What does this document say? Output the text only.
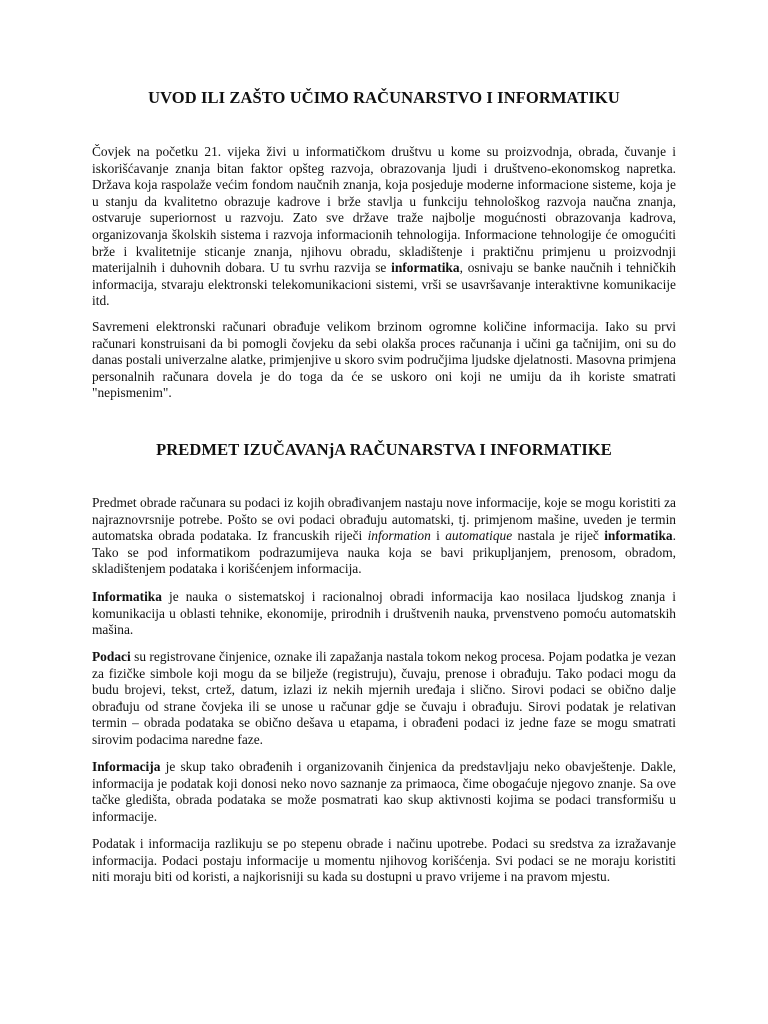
UVOD ILI ZAŠTO UČIMO RAČUNARSTVO I INFORMATIKU

Čovjek na početku 21. vijeka živi u informatičkom društvu u kome su proizvodnja, obrada, čuvanje i iskorišćavanje znanja bitan faktor opšteg razvoja, obrazovanja ljudi i društveno-ekonomskog napretka. Država koja raspolaže većim fondom naučnih znanja, koja posjeduje moderne informacione sisteme, koja je u stanju da kvalitetno obrazuje kadrove i brže stavlja u funkciju tehnološkog razvoja naučna znanja, ostvaruje superiornost u razvoju. Zato sve države traže najbolje mogućnosti obrazovanja kadrova, organizovanja školskih sistema i razvoja informacionih tehnologija. Informacione tehnologije će omogućiti brže i kvalitetnije sticanje znanja, njihovu obradu, skladištenje i praktičnu primjenu u proizvodnji materijalnih i duhovnih dobara. U tu svrhu razvija se informatika, osnivaju se banke naučnih i tehničkih informacija, stvaraju elektronski telekomunikacioni sistemi, vrši se usavršavanje interaktivne komunikacije itd.

Savremeni elektronski računari obrađuje velikom brzinom ogromne količine informacija. Iako su prvi računari konstruisani da bi pomogli čovjeku da sebi olakša proces računanja i učini ga tačnijim, oni su do danas postali univerzalne alatke, primjenjive u skoro svim područjima ljudske djelatnosti. Masovna primjena personalnih računara dovela je do toga da će se uskoro oni koji ne umiju da ih koriste smatrati "nepismenim".

PREDMET IZUČAVANjA RAČUNARSTVA I INFORMATIKE

Predmet obrade računara su podaci iz kojih obrađivanjem nastaju nove informacije, koje se mogu koristiti za najraznovrsnije potrebe. Pošto se ovi podaci obrađuju automatski, tj. primjenom mašine, uveden je termin automatska obrada podataka. Iz francuskih riječi information i automatique nastala je riječ informatika. Tako se pod informatikom podrazumijeva nauka koja se bavi prikupljanjem, prenosom, obradom, skladištenjem podataka i korišćenjem informacija.

Informatika je nauka o sistematskoj i racionalnoj obradi informacija kao nosilaca ljudskog znanja i komunikacija u oblasti tehnike, ekonomije, prirodnih i društvenih nauka, prvenstveno pomoću automatskih mašina.

Podaci su registrovane činjenice, oznake ili zapažanja nastala tokom nekog procesa. Pojam podatka je vezan za fizičke simbole koji mogu da se bilježe (registruju), čuvaju, prenose i obrađuju. Tako podaci mogu da budu brojevi, tekst, crtež, datum, izlazi iz nekih mjernih uređaja i slično. Sirovi podaci se obično dalje obrađuju od strane čovjeka ili se unose u računar gdje se čuvaju i obrađuju. Sirovi podatak je relativan termin – obrada podataka se obično dešava u etapama, i obrađeni podaci iz jedne faze se mogu smatrati sirovim podacima naredne faze.

Informacija je skup tako obrađenih i organizovanih činjenica da predstavljaju neko obavještenje. Dakle, informacija je podatak koji donosi neko novo saznanje za primaoca, čime obogaćuje njegovo znanje. Sa ove tačke gledišta, obrada podataka se može posmatrati kao skup aktivnosti kojima se podaci transformišu u informacije.

Podatak i informacija razlikuju se po stepenu obrade i načinu upotrebe. Podaci su sredstva za izražavanje informacija. Podaci postaju informacije u momentu njihovog korišćenja. Svi podaci se ne moraju koristiti niti moraju biti od koristi, a najkorisniji su kada su dostupni u pravo vrijeme i na pravom mjestu.
